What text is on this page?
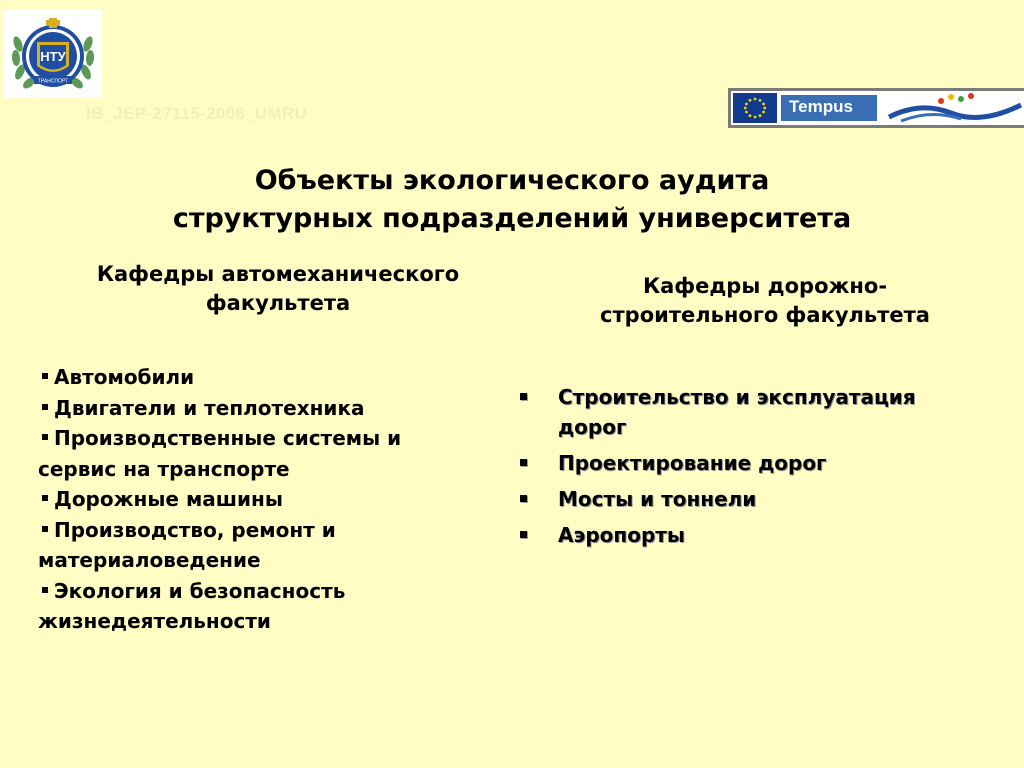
НТУ
ТРАНСПОРТ
IB_JEP-27115-2006_UMRU	Tempus
Объекты экологического аудита
структурных подразделений университета
Кафедры автомеханического
факультета
Кафедры дорожно-
строительного факультета
Автомобили
Двигатели и теплотехника
Производственные системы и сервис на транспорте
Дорожные машины
Производство, ремонт и материаловедение
Экология и безопасность жизнедеятельности
Строительство и эксплуатация дорог
Проектирование дорог
Мосты и тоннели
Аэропорты
